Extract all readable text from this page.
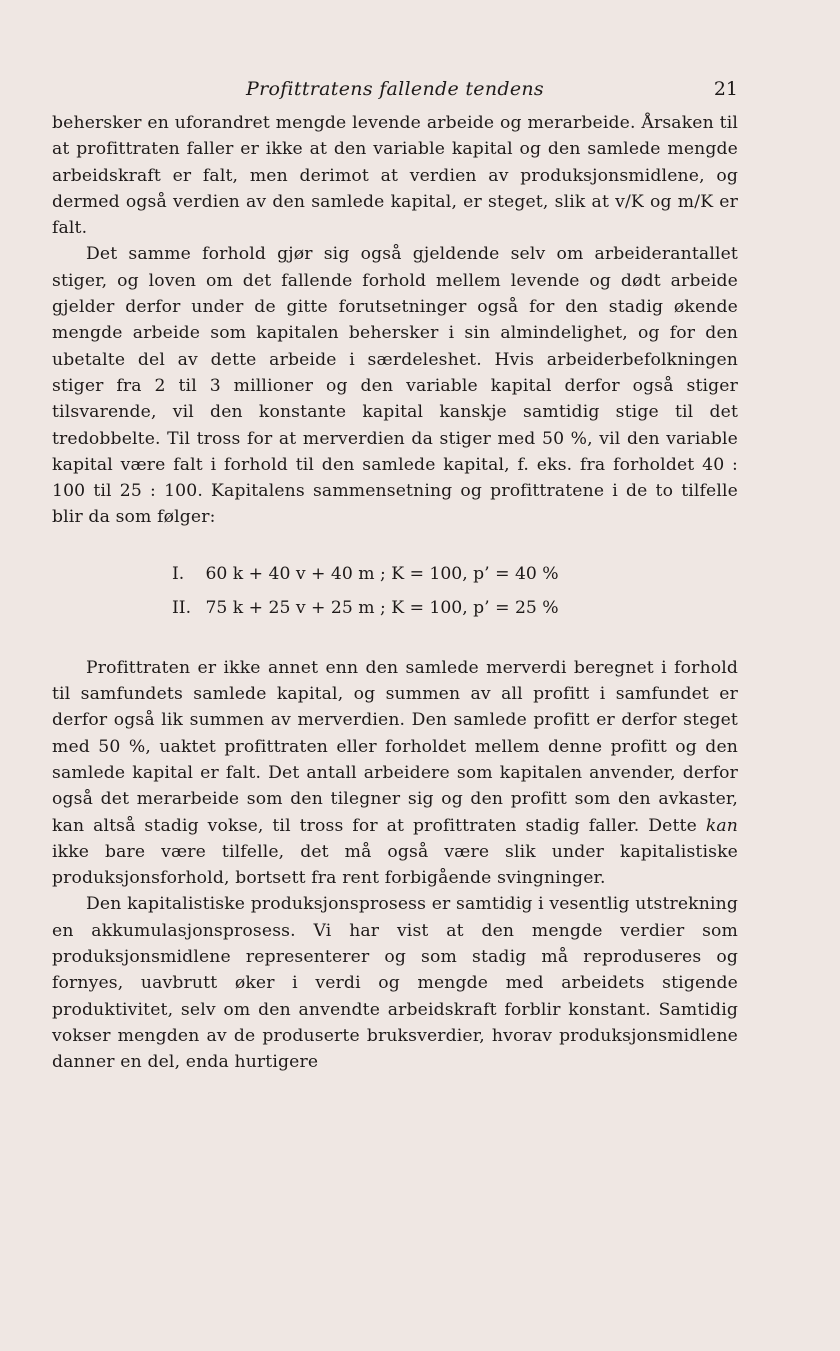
Profittratens fallende tendens	21

behersker en uforandret mengde levende arbeide og merarbeide. Årsaken til at profittraten faller er ikke at den variable kapital og den samlede mengde arbeidskraft er falt, men derimot at verdien av produksjonsmidlene, og dermed også verdien av den samlede kapital, er steget, slik at v/K og m/K er falt.

Det samme forhold gjør sig også gjeldende selv om arbeiderantallet stiger, og loven om det fallende forhold mellem levende og dødt arbeide gjelder derfor under de gitte forutsetninger også for den stadig økende mengde arbeide som kapitalen behersker i sin almindelighet, og for den ubetalte del av dette arbeide i særdeleshet. Hvis arbeiderbefolkningen stiger fra 2 til 3 millioner og den variable kapital derfor også stiger tilsvarende, vil den konstante kapital kanskje samtidig stige til det tredobbelte. Til tross for at merverdien da stiger med 50 %, vil den variable kapital være falt i forhold til den samlede kapital, f. eks. fra forholdet 40 : 100 til 25 : 100. Kapitalens sammensetning og profittratene i de to tilfelle blir da som følger:

I. 60 k + 40 v + 40 m ; K = 100, p’ = 40 %
II. 75 k + 25 v + 25 m ; K = 100, p’ = 25 %

Profittraten er ikke annet enn den samlede merverdi beregnet i forhold til samfundets samlede kapital, og summen av all profitt i samfundet er derfor også lik summen av merverdien. Den samlede profitt er derfor steget med 50 %, uaktet profittraten eller forholdet mellem denne profitt og den samlede kapital er falt. Det antall arbeidere som kapitalen anvender, derfor også det merarbeide som den tilegner sig og den profitt som den avkaster, kan altså stadig vokse, til tross for at profittraten stadig faller. Dette kan ikke bare være tilfelle, det må også være slik under kapitalistiske produksjonsforhold, bortsett fra rent forbigående svingninger.

Den kapitalistiske produksjonsprosess er samtidig i vesentlig utstrekning en akkumulasjonsprosess. Vi har vist at den mengde verdier som produksjonsmidlene representerer og som stadig må reproduseres og fornyes, uavbrutt øker i verdi og mengde med arbeidets stigende produktivitet, selv om den anvendte arbeidskraft forblir konstant. Samtidig vokser mengden av de produserte bruksverdier, hvorav produksjonsmidlene danner en del, enda hurtigere
